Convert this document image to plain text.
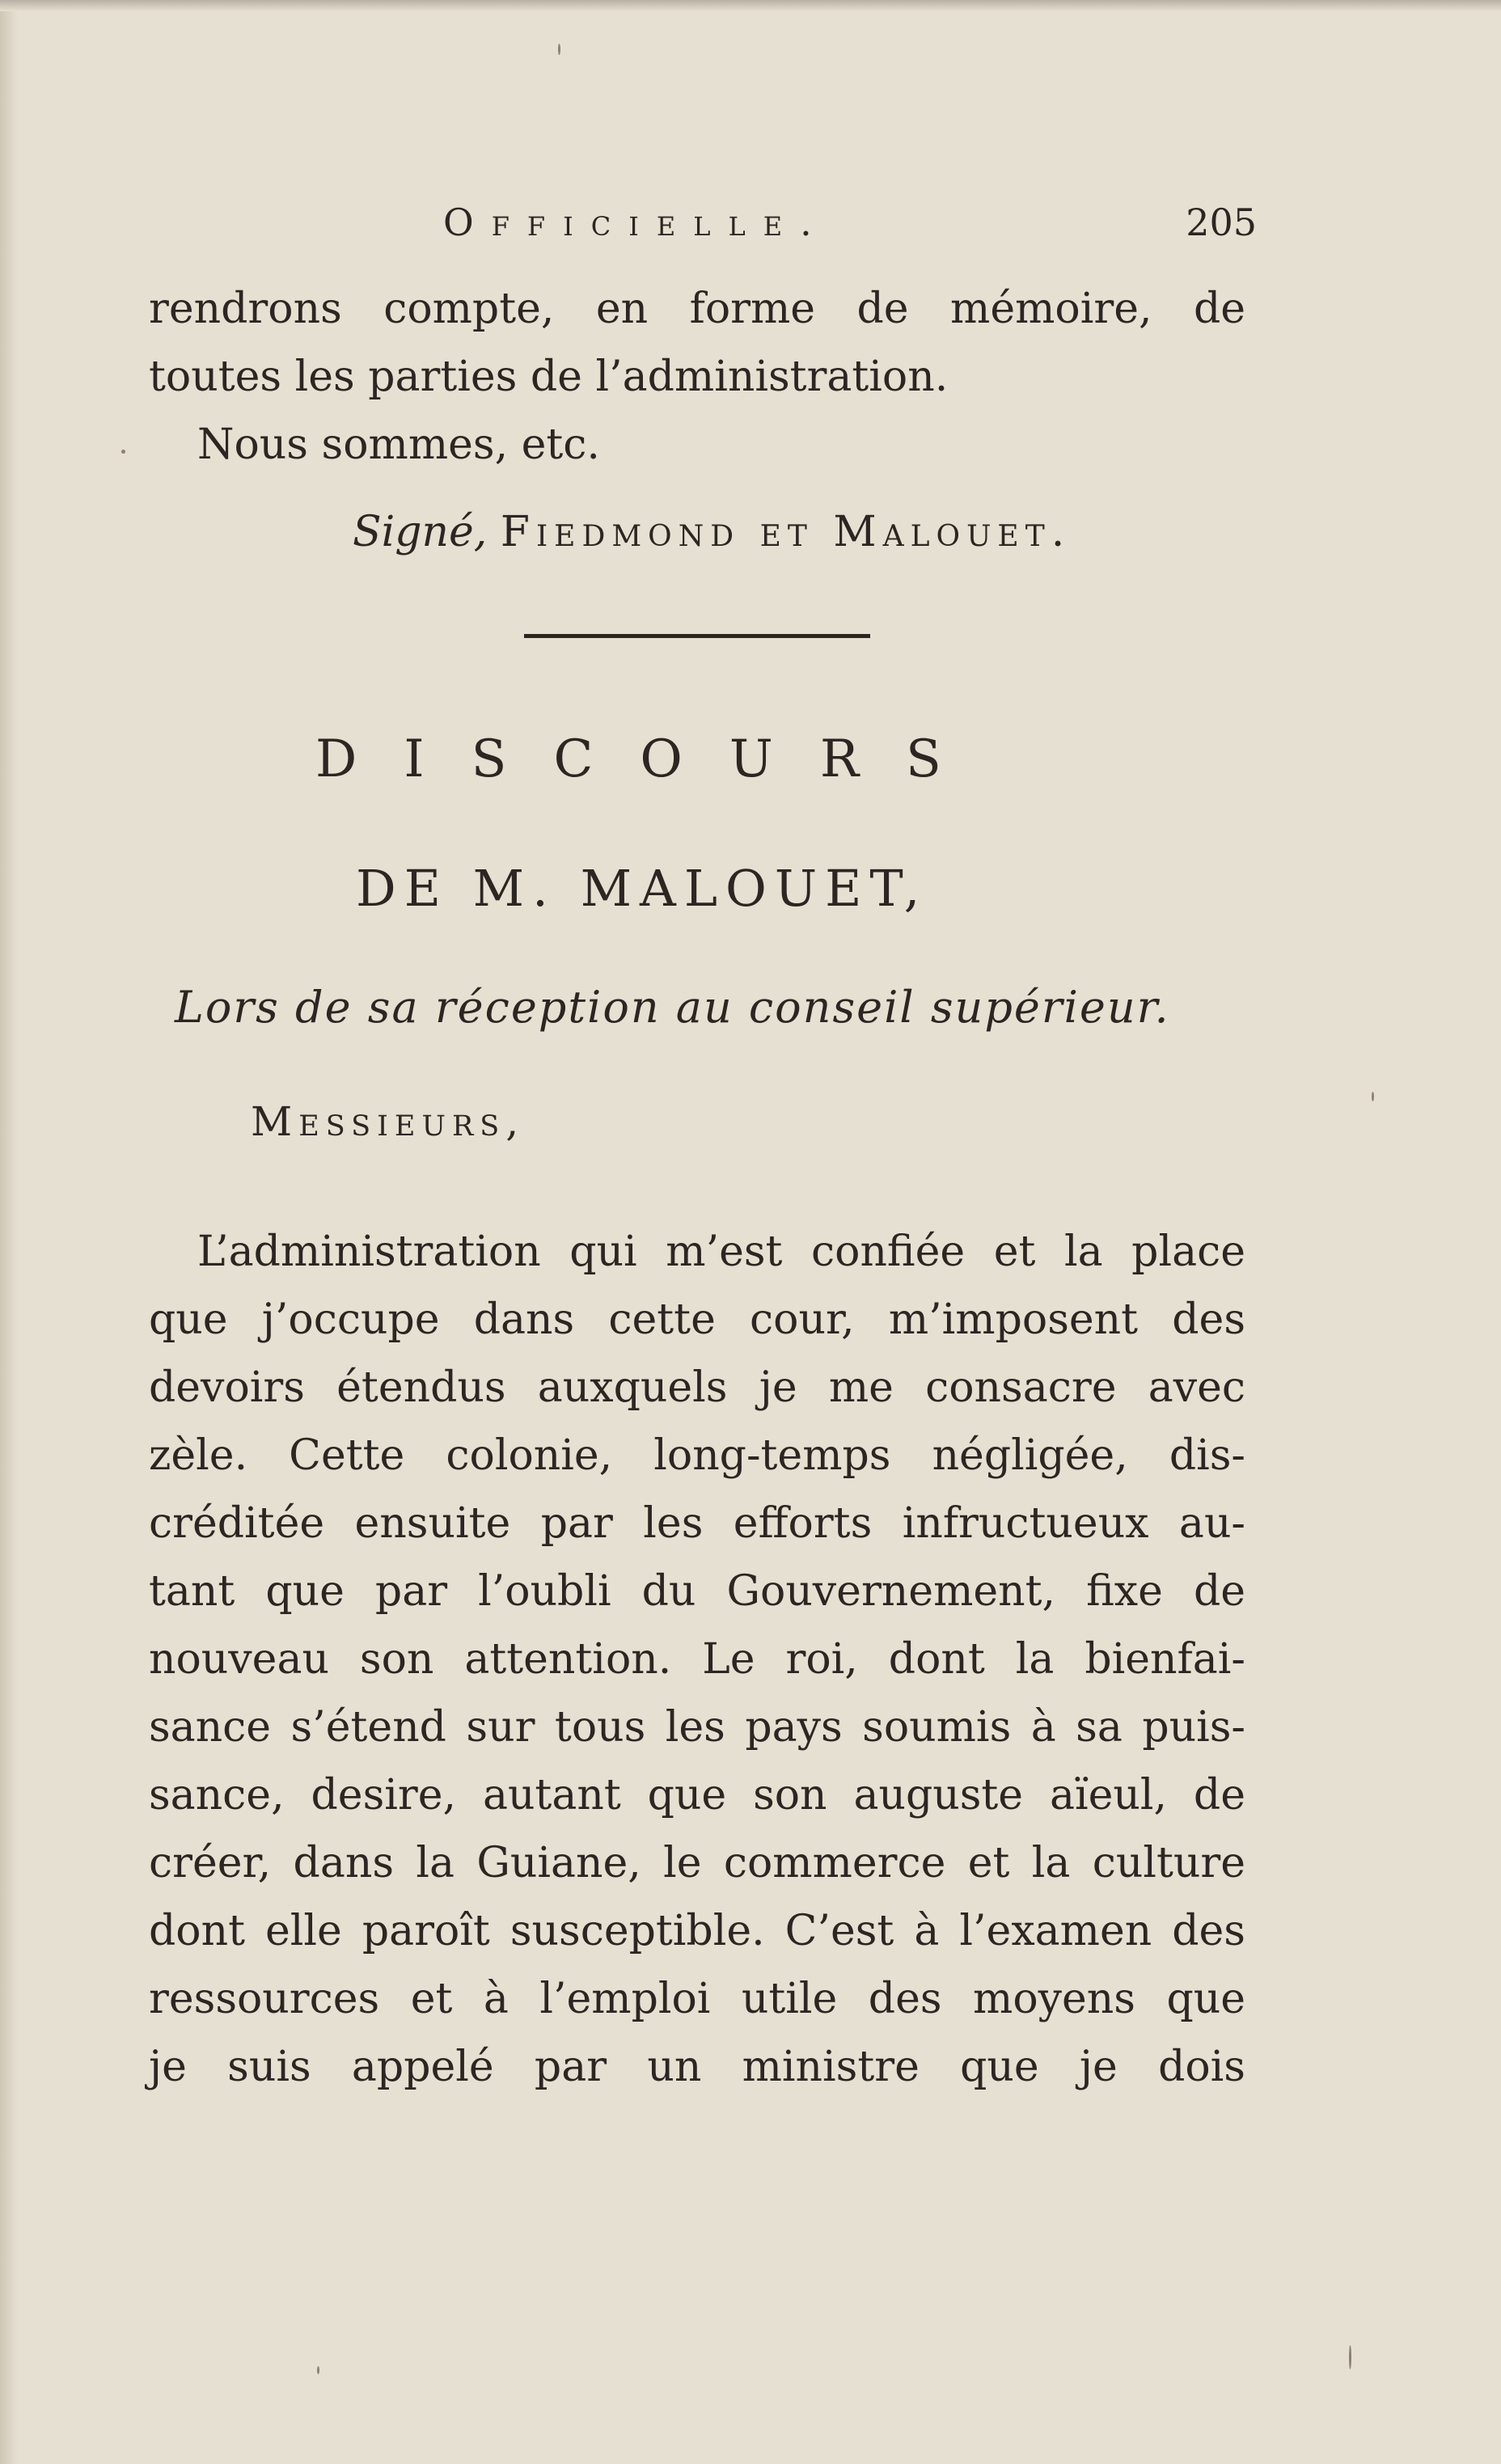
Officielle.	205
rendrons compte, en forme de mémoire, de
toutes les parties de l’administration.
Nous sommes, etc.
Signé, Fiedmond et Malouet.
DISCOURS
DE M. MALOUET,
Lors de sa réception au conseil supérieur.
Messieurs,
L’administration qui m’est confiée et la place
que j’occupe dans cette cour, m’imposent des
devoirs étendus auxquels je me consacre avec
zèle. Cette colonie, long-temps négligée, dis-
créditée ensuite par les efforts infructueux au-
tant que par l’oubli du Gouvernement, fixe de
nouveau son attention. Le roi, dont la bienfai-
sance s’étend sur tous les pays soumis à sa puis-
sance, desire, autant que son auguste aïeul, de
créer, dans la Guiane, le commerce et la culture
dont elle paroît susceptible. C’est à l’examen des
ressources et à l’emploi utile des moyens que
je suis appelé par un ministre que je dois
